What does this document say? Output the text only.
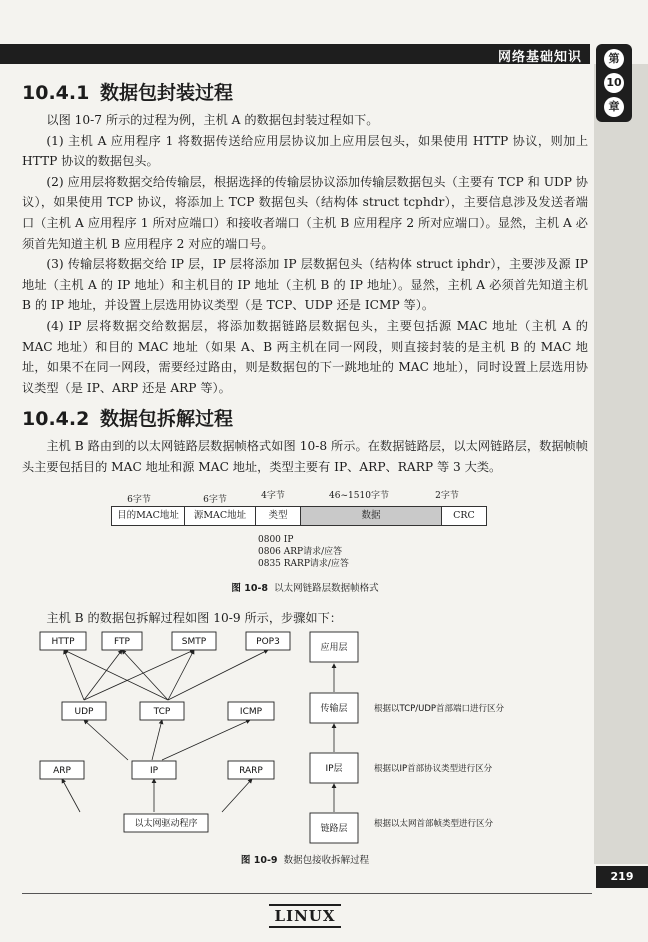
网络基础知识	第
10
章
10.4.1 数据包封装过程

以图 10-7 所示的过程为例，主机 A 的数据包封装过程如下。

(1) 主机 A 应用程序 1 将数据传送给应用层协议加上应用层包头，如果使用 HTTP 协议，则加上 HTTP 协议的数据包头。

(2) 应用层将数据交给传输层，根据选择的传输层协议添加传输层数据包头（主要有 TCP 和 UDP 协议），如果使用 TCP 协议，将添加上 TCP 数据包头（结构体 struct tcphdr），主要信息涉及发送者端口（主机 A 应用程序 1 所对应端口）和接收者端口（主机 B 应用程序 2 所对应端口）。显然，主机 A 必须首先知道主机 B 应用程序 2 对应的端口号。

(3) 传输层将数据交给 IP 层，IP 层将添加 IP 层数据包头（结构体 struct iphdr），主要涉及源 IP 地址（主机 A 的 IP 地址）和主机目的 IP 地址（主机 B 的 IP 地址）。显然，主机 A 必须首先知道主机 B 的 IP 地址，并设置上层选用协议类型（是 TCP、UDP 还是 ICMP 等）。

(4) IP 层将数据交给数据层，将添加数据链路层数据包头，主要包括源 MAC 地址（主机 A 的 MAC 地址）和目的 MAC 地址（如果 A、B 两主机在同一网段，则直接封装的是主机 B 的 MAC 地址，如果不在同一网段，需要经过路由，则是数据包的下一跳地址的 MAC 地址），同时设置上层选用协议类型（是 IP、ARP 还是 ARP 等）。

10.4.2 数据包拆解过程

主机 B 路由到的以太网链路层数据帧格式如图 10-8 所示。在数据链路层，以太网链路层，数据帧帧头主要包括目的 MAC 地址和源 MAC 地址，类型主要有 IP、ARP、RARP 等 3 大类。

6字节	6字节	4字节	46~1510字节	2字节
目的MAC地址	源MAC地址	类型	数据	CRC
0800 IP
0806 ARP请求/应答
0835 RARP请求/应答
图 10-8 以太网链路层数据帧格式

主机 B 的数据包拆解过程如图 10-9 所示，步骤如下：

HTTP	FTP	SMTP	POP3
UDP	TCP	ICMP
ARP	IP	RARP
以太网驱动程序
应用层
传输层
IP层
链路层
根据以TCP/UDP首部端口进行区分
根据以IP首部协议类型进行区分
根据以太网首部帧类型进行区分
图 10-9 数据包接收拆解过程
LINUX
219
